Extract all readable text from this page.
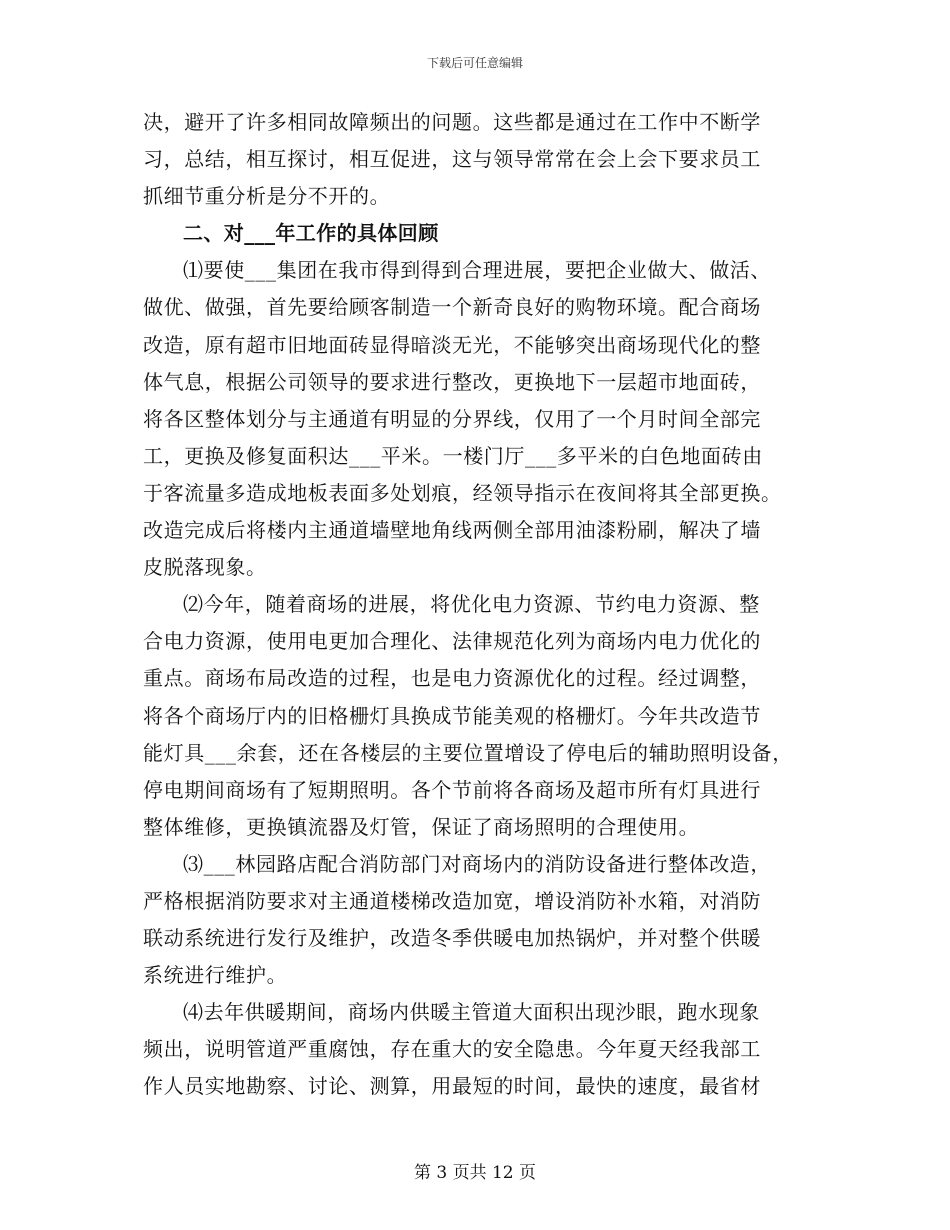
下载后可任意编辑
决，避开了许多相同故障频出的问题。这些都是通过在工作中不断学
习，总结，相互探讨，相互促进，这与领导常常在会上会下要求员工
抓细节重分析是分不开的。
二、对___年工作的具体回顾
⑴要使___集团在我市得到得到合理进展，要把企业做大、做活、
做优、做强，首先要给顾客制造一个新奇良好的购物环境。配合商场
改造，原有超市旧地面砖显得暗淡无光，不能够突出商场现代化的整
体气息，根据公司领导的要求进行整改，更换地下一层超市地面砖，
将各区整体划分与主通道有明显的分界线，仅用了一个月时间全部完
工，更换及修复面积达___平米。一楼门厅___多平米的白色地面砖由
于客流量多造成地板表面多处划痕，经领导指示在夜间将其全部更换。
改造完成后将楼内主通道墙壁地角线两侧全部用油漆粉刷，解决了墙
皮脱落现象。
⑵今年，随着商场的进展，将优化电力资源、节约电力资源、整
合电力资源，使用电更加合理化、法律规范化列为商场内电力优化的
重点。商场布局改造的过程，也是电力资源优化的过程。经过调整，
将各个商场厅内的旧格栅灯具换成节能美观的格栅灯。今年共改造节
能灯具___余套，还在各楼层的主要位置增设了停电后的辅助照明设备，
停电期间商场有了短期照明。各个节前将各商场及超市所有灯具进行
整体维修，更换镇流器及灯管，保证了商场照明的合理使用。
⑶___林园路店配合消防部门对商场内的消防设备进行整体改造，
严格根据消防要求对主通道楼梯改造加宽，增设消防补水箱，对消防
联动系统进行发行及维护，改造冬季供暖电加热锅炉，并对整个供暖
系统进行维护。
⑷去年供暖期间，商场内供暖主管道大面积出现沙眼，跑水现象
频出，说明管道严重腐蚀，存在重大的安全隐患。今年夏天经我部工
作人员实地勘察、讨论、测算，用最短的时间，最快的速度，最省材
第 3 页共 12 页
